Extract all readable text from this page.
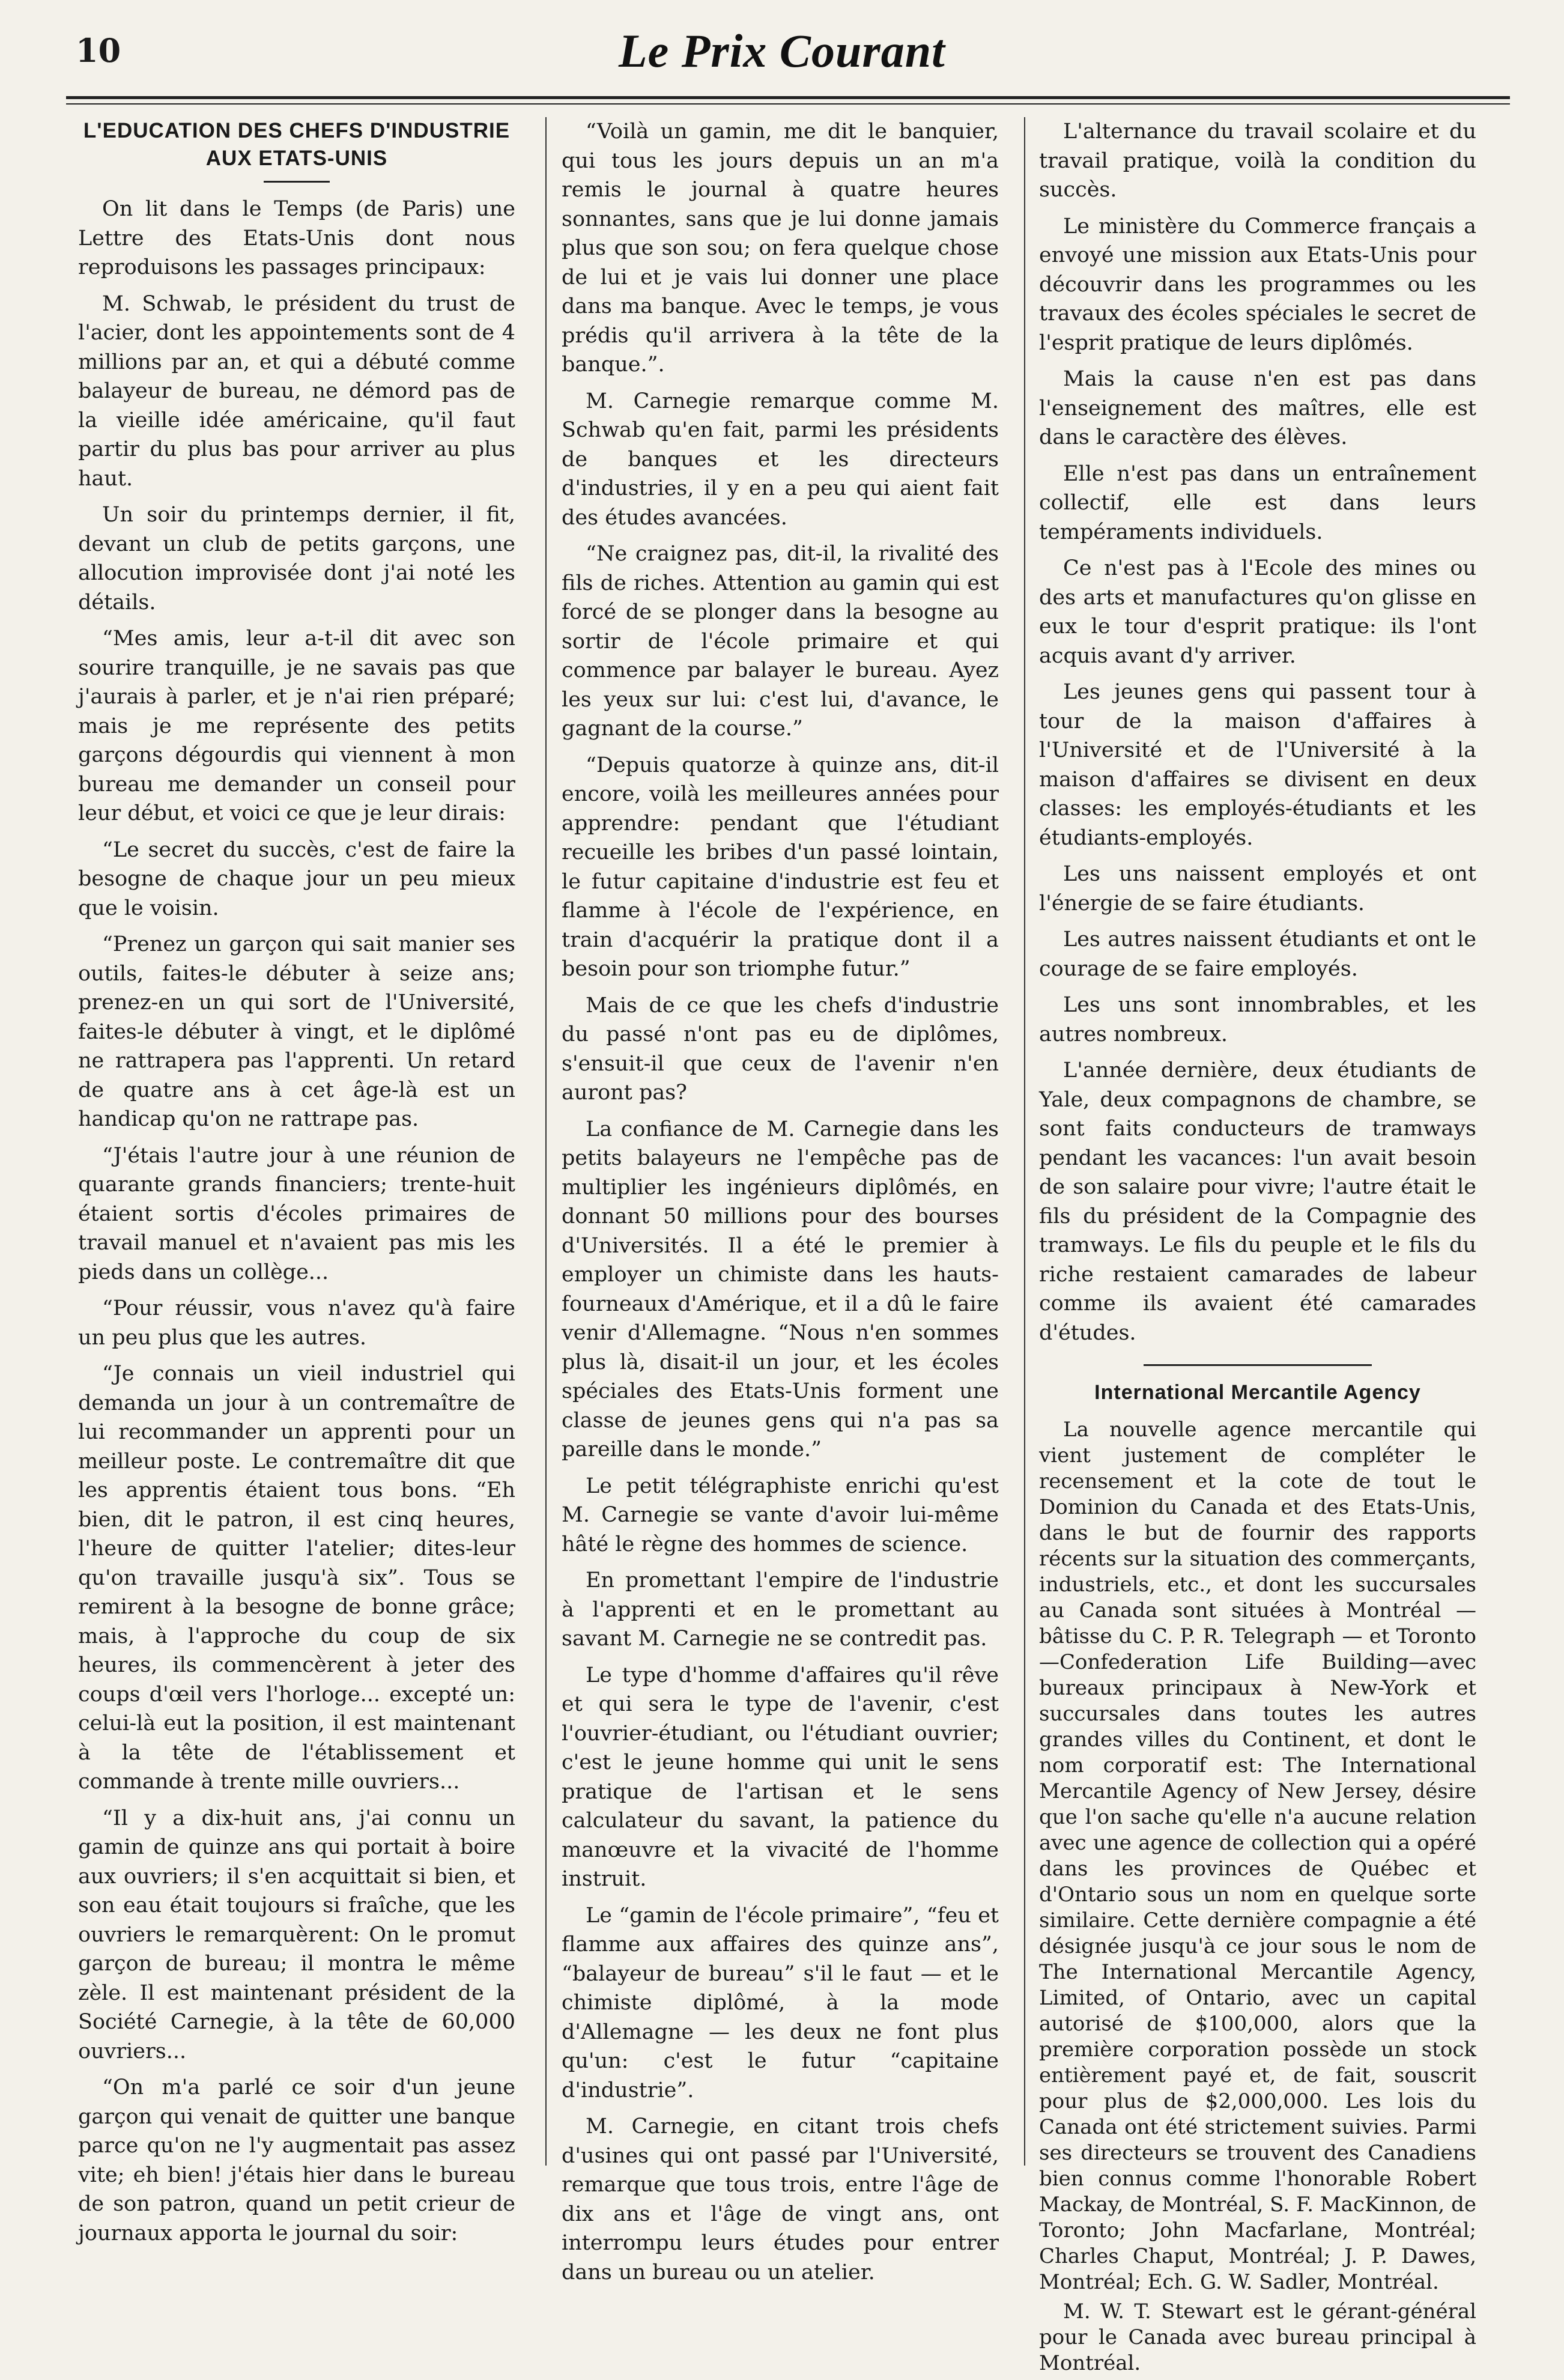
10	Le Prix Courant
L'EDUCATION DES CHEFS D'INDUSTRIE AUX ETATS-UNIS

On lit dans le Temps (de Paris) une Lettre des Etats-Unis dont nous reproduisons les passages principaux:

M. Schwab, le président du trust de l'acier, dont les appointements sont de 4 millions par an, et qui a débuté comme balayeur de bureau, ne démord pas de la vieille idée américaine, qu'il faut partir du plus bas pour arriver au plus haut.

Un soir du printemps dernier, il fit, devant un club de petits garçons, une allocution improvisée dont j'ai noté les détails.

“Mes amis, leur a-t-il dit avec son sourire tranquille, je ne savais pas que j'aurais à parler, et je n'ai rien préparé; mais je me représente des petits garçons dégourdis qui viennent à mon bureau me demander un conseil pour leur début, et voici ce que je leur dirais:

“Le secret du succès, c'est de faire la besogne de chaque jour un peu mieux que le voisin.

“Prenez un garçon qui sait manier ses outils, faites-le débuter à seize ans; prenez-en un qui sort de l'Université, faites-le débuter à vingt, et le diplômé ne rattrapera pas l'apprenti. Un retard de quatre ans à cet âge-là est un handicap qu'on ne rattrape pas.

“J'étais l'autre jour à une réunion de quarante grands financiers; trente-huit étaient sortis d'écoles primaires de travail manuel et n'avaient pas mis les pieds dans un collège...

“Pour réussir, vous n'avez qu'à faire un peu plus que les autres.

“Je connais un vieil industriel qui demanda un jour à un contremaître de lui recommander un apprenti pour un meilleur poste. Le contremaître dit que les apprentis étaient tous bons. “Eh bien, dit le patron, il est cinq heures, l'heure de quitter l'atelier; dites-leur qu'on travaille jusqu'à six”. Tous se remirent à la besogne de bonne grâce; mais, à l'approche du coup de six heures, ils commencèrent à jeter des coups d'œil vers l'horloge... excepté un: celui-là eut la position, il est maintenant à la tête de l'établissement et commande à trente mille ouvriers...

“Il y a dix-huit ans, j'ai connu un gamin de quinze ans qui portait à boire aux ouvriers; il s'en acquittait si bien, et son eau était toujours si fraîche, que les ouvriers le remarquèrent: On le promut garçon de bureau; il montra le même zèle. Il est maintenant président de la Société Carnegie, à la tête de 60,000 ouvriers...

“On m'a parlé ce soir d'un jeune garçon qui venait de quitter une banque parce qu'on ne l'y augmentait pas assez vite; eh bien! j'étais hier dans le bureau de son patron, quand un petit crieur de journaux apporta le journal du soir:

“Voilà un gamin, me dit le banquier, qui tous les jours depuis un an m'a remis le journal à quatre heures sonnantes, sans que je lui donne jamais plus que son sou; on fera quelque chose de lui et je vais lui donner une place dans ma banque. Avec le temps, je vous prédis qu'il arrivera à la tête de la banque.”.

M. Carnegie remarque comme M. Schwab qu'en fait, parmi les présidents de banques et les directeurs d'industries, il y en a peu qui aient fait des études avancées.

“Ne craignez pas, dit-il, la rivalité des fils de riches. Attention au gamin qui est forcé de se plonger dans la besogne au sortir de l'école primaire et qui commence par balayer le bureau. Ayez les yeux sur lui: c'est lui, d'avance, le gagnant de la course.”

“Depuis quatorze à quinze ans, dit-il encore, voilà les meilleures années pour apprendre: pendant que l'étudiant recueille les bribes d'un passé lointain, le futur capitaine d'industrie est feu et flamme à l'école de l'expérience, en train d'acquérir la pratique dont il a besoin pour son triomphe futur.”

Mais de ce que les chefs d'industrie du passé n'ont pas eu de diplômes, s'ensuit-il que ceux de l'avenir n'en auront pas?

La confiance de M. Carnegie dans les petits balayeurs ne l'empêche pas de multiplier les ingénieurs diplômés, en donnant 50 millions pour des bourses d'Universités. Il a été le premier à employer un chimiste dans les hauts-fourneaux d'Amérique, et il a dû le faire venir d'Allemagne. “Nous n'en sommes plus là, disait-il un jour, et les écoles spéciales des Etats-Unis forment une classe de jeunes gens qui n'a pas sa pareille dans le monde.”

Le petit télégraphiste enrichi qu'est M. Carnegie se vante d'avoir lui-même hâté le règne des hommes de science.

En promettant l'empire de l'industrie à l'apprenti et en le promettant au savant M. Carnegie ne se contredit pas.

Le type d'homme d'affaires qu'il rêve et qui sera le type de l'avenir, c'est l'ouvrier-étudiant, ou l'étudiant ouvrier; c'est le jeune homme qui unit le sens pratique de l'artisan et le sens calculateur du savant, la patience du manœuvre et la vivacité de l'homme instruit.

Le “gamin de l'école primaire”, “feu et flamme aux affaires des quinze ans”, “balayeur de bureau” s'il le faut — et le chimiste diplômé, à la mode d'Allemagne — les deux ne font plus qu'un: c'est le futur “capitaine d'industrie”.

M. Carnegie, en citant trois chefs d'usines qui ont passé par l'Université, remarque que tous trois, entre l'âge de dix ans et l'âge de vingt ans, ont interrompu leurs études pour entrer dans un bureau ou un atelier.

L'alternance du travail scolaire et du travail pratique, voilà la condition du succès.

Le ministère du Commerce français a envoyé une mission aux Etats-Unis pour découvrir dans les programmes ou les travaux des écoles spéciales le secret de l'esprit pratique de leurs diplômés.

Mais la cause n'en est pas dans l'enseignement des maîtres, elle est dans le caractère des élèves.

Elle n'est pas dans un entraînement collectif, elle est dans leurs tempéraments individuels.

Ce n'est pas à l'Ecole des mines ou des arts et manufactures qu'on glisse en eux le tour d'esprit pratique: ils l'ont acquis avant d'y arriver.

Les jeunes gens qui passent tour à tour de la maison d'affaires à l'Université et de l'Université à la maison d'affaires se divisent en deux classes: les employés-étudiants et les étudiants-employés.

Les uns naissent employés et ont l'énergie de se faire étudiants.

Les autres naissent étudiants et ont le courage de se faire employés.

Les uns sont innombrables, et les autres nombreux.

L'année dernière, deux étudiants de Yale, deux compagnons de chambre, se sont faits conducteurs de tramways pendant les vacances: l'un avait besoin de son salaire pour vivre; l'autre était le fils du président de la Compagnie des tramways. Le fils du peuple et le fils du riche restaient camarades de labeur comme ils avaient été camarades d'études.

International Mercantile Agency

La nouvelle agence mercantile qui vient justement de compléter le recensement et la cote de tout le Dominion du Canada et des Etats-Unis, dans le but de fournir des rapports récents sur la situation des commerçants, industriels, etc., et dont les succursales au Canada sont situées à Montréal — bâtisse du C. P. R. Telegraph — et Toronto—Confederation Life Building—avec bureaux principaux à New-York et succursales dans toutes les autres grandes villes du Continent, et dont le nom corporatif est: The International Mercantile Agency of New Jersey, désire que l'on sache qu'elle n'a aucune relation avec une agence de collection qui a opéré dans les provinces de Québec et d'Ontario sous un nom en quelque sorte similaire. Cette dernière compagnie a été désignée jusqu'à ce jour sous le nom de The International Mercantile Agency, Limited, of Ontario, avec un capital autorisé de $100,000, alors que la première corporation possède un stock entièrement payé et, de fait, souscrit pour plus de $2,000,000. Les lois du Canada ont été strictement suivies. Parmi ses directeurs se trouvent des Canadiens bien connus comme l'honorable Robert Mackay, de Montréal, S. F. MacKinnon, de Toronto; John Macfarlane, Montréal; Charles Chaput, Montréal; J. P. Dawes, Montréal; Ech. G. W. Sadler, Montréal.

M. W. T. Stewart est le gérant-général pour le Canada avec bureau principal à Montréal.
